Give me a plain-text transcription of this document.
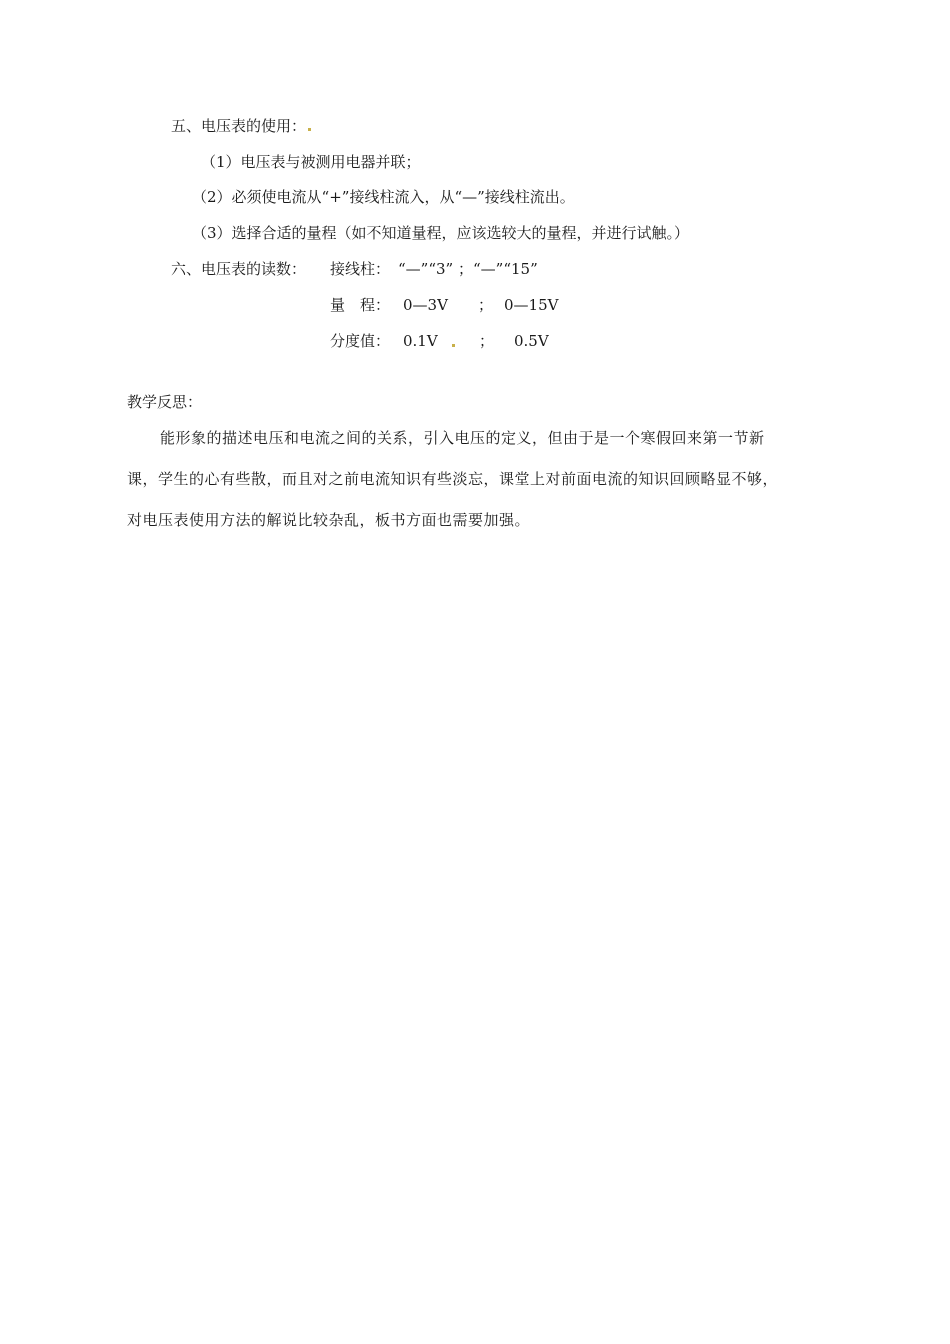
五、电压表的使用：
（1）电压表与被测用电器并联；
（2）必须使电流从“+”接线柱流入，从“—”接线柱流出。
（3）选择合适的量程（如不知道量程，应该选较大的量程，并进行试触。）
六、电压表的读数： 接线柱： “—”“3” ；“—”“15”
量　程： 0—3V ； 0—15V
分度值： 0.1V	； 0.5V
教学反思：
能形象的描述电压和电流之间的关系，引入电压的定义，但由于是一个寒假回来第一节新
课，学生的心有些散，而且对之前电流知识有些淡忘，课堂上对前面电流的知识回顾略显不够，
对电压表使用方法的解说比较杂乱，板书方面也需要加强。
